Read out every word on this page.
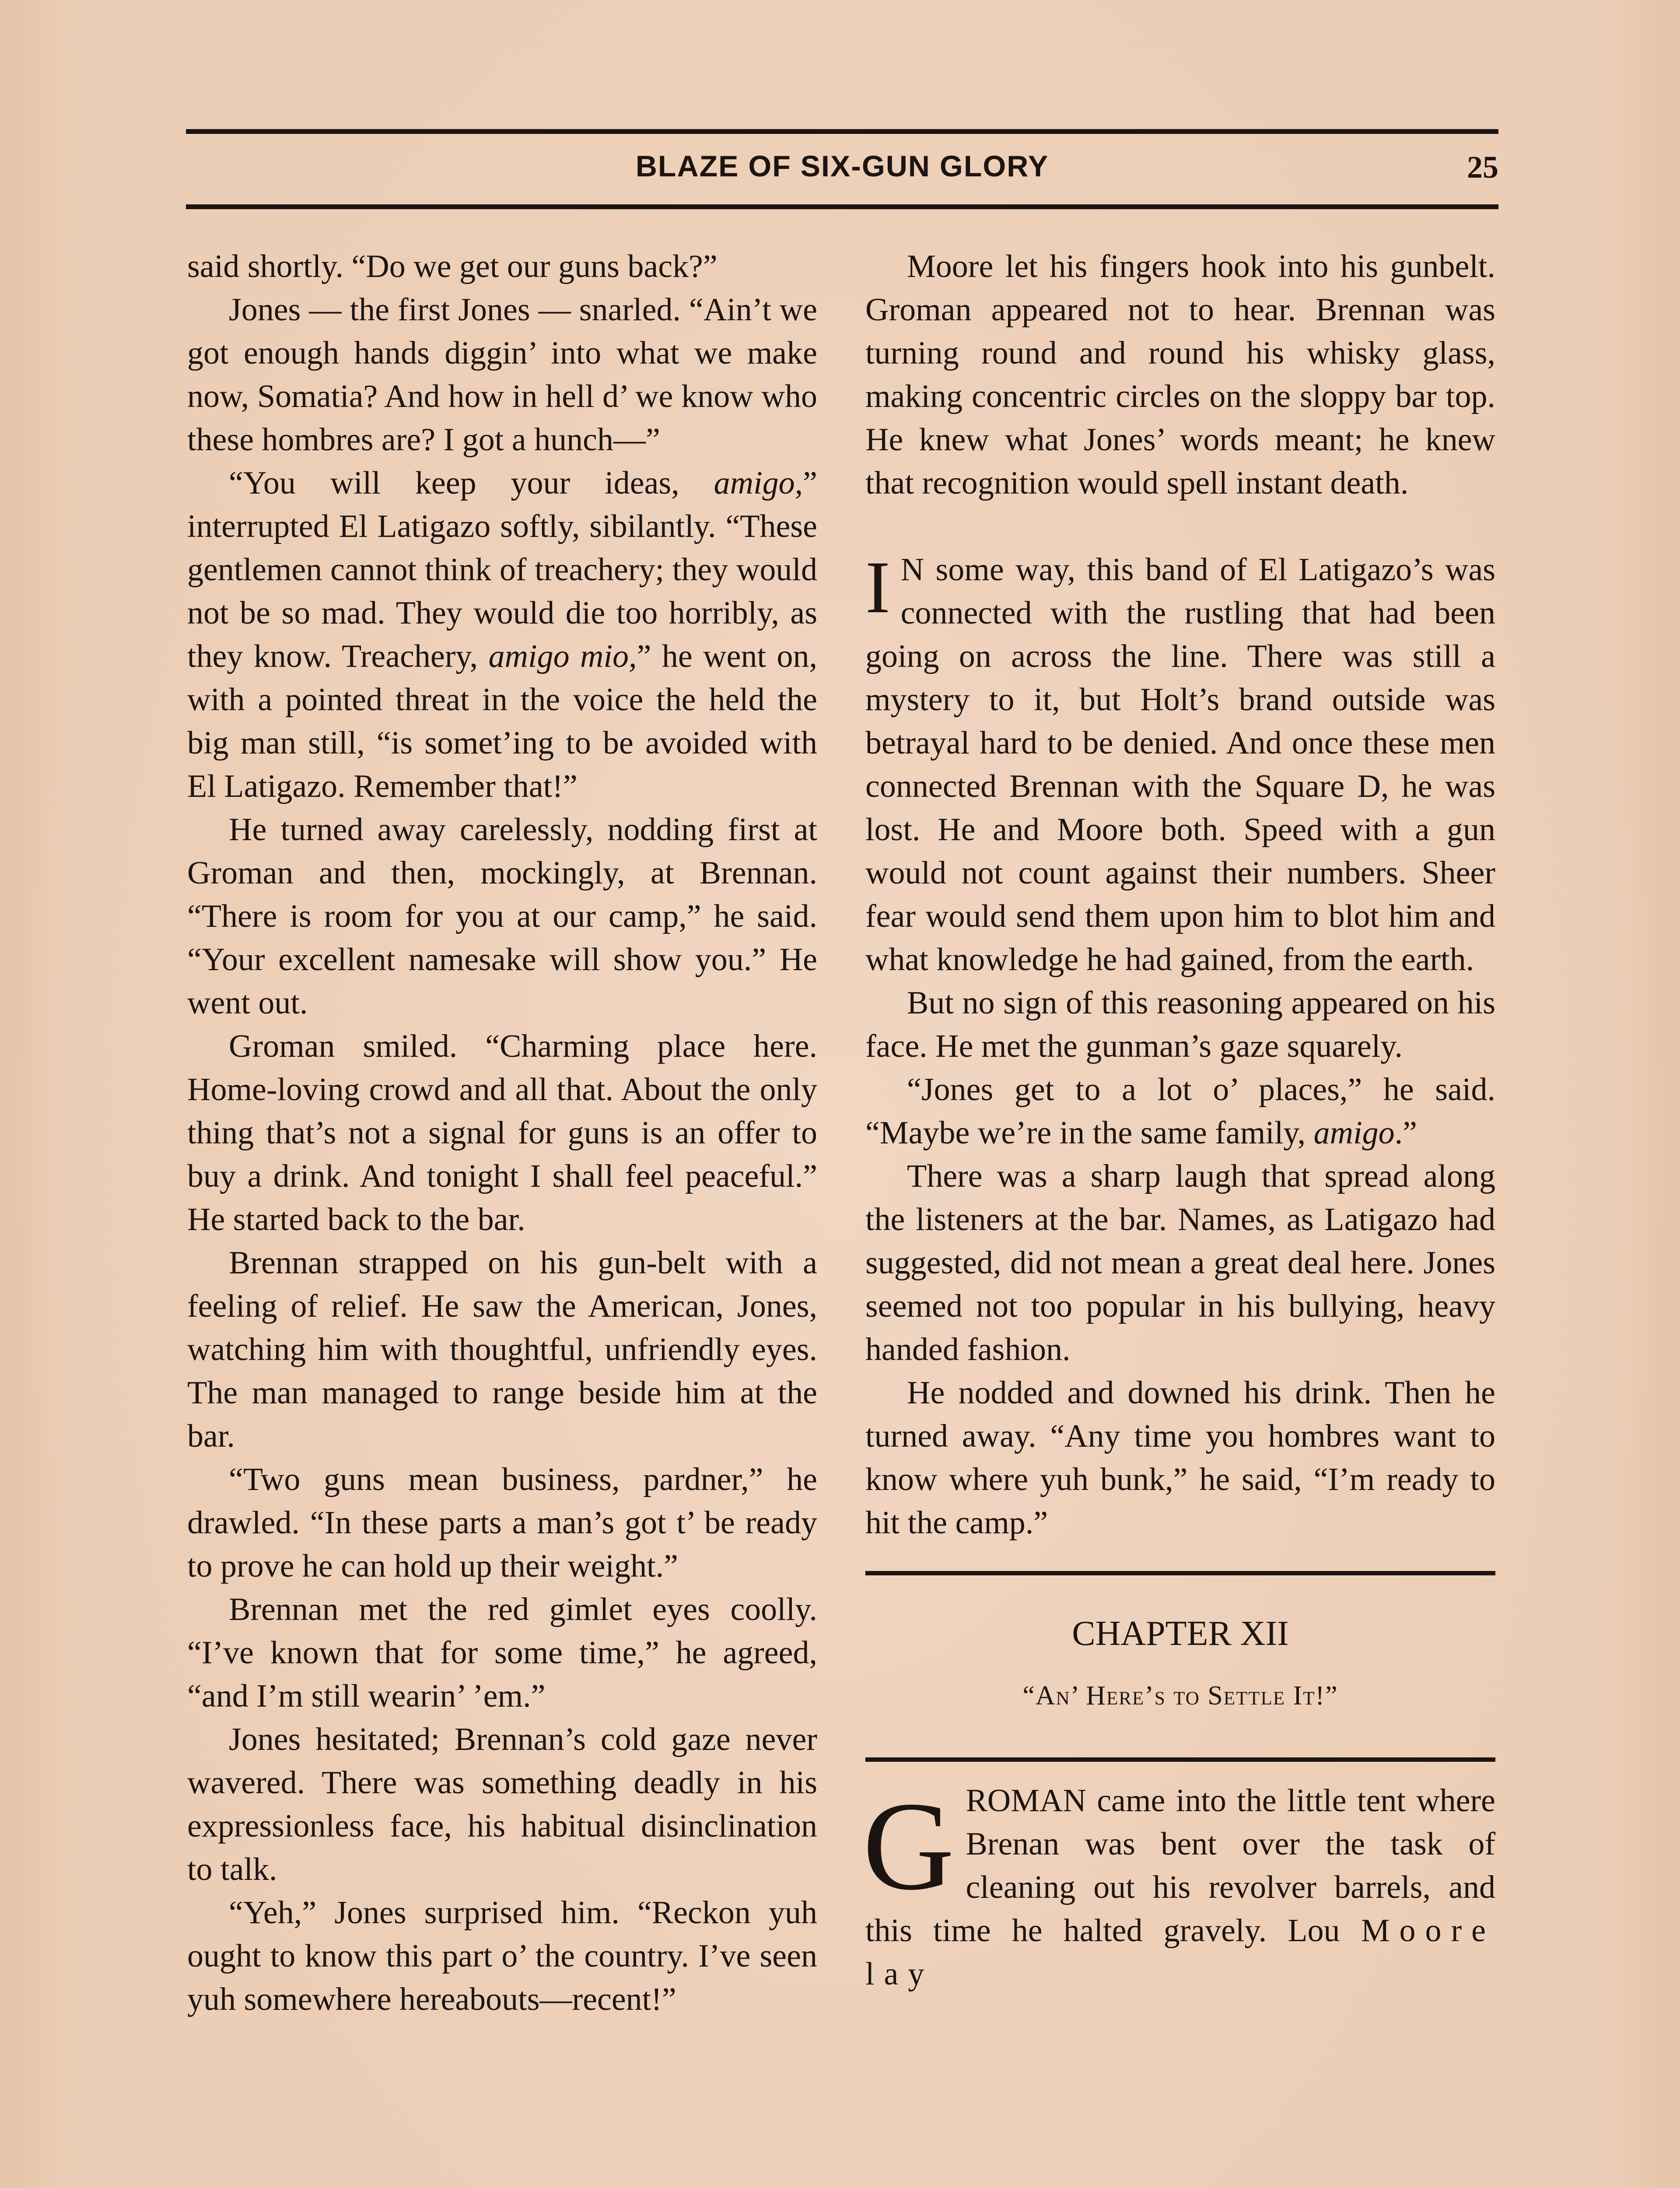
BLAZE OF SIX-GUN GLORY	25

said shortly. “Do we get our guns back?”

Jones — the first Jones — snarled. “Ain’t we got enough hands diggin’ into what we make now, Somatia? And how in hell d’ we know who these hombres are? I got a hunch—”

“You will keep your ideas, amigo,” interrupted El Latigazo softly, sibilantly. “These gentlemen cannot think of treachery; they would not be so mad. They would die too horribly, as they know. Treachery, amigo mio,” he went on, with a pointed threat in the voice the held the big man still, “is somet’ing to be avoided with El Latigazo. Remember that!”

He turned away carelessly, nodding first at Groman and then, mockingly, at Brennan. “There is room for you at our camp,” he said. “Your excellent namesake will show you.” He went out.

Groman smiled. “Charming place here. Home-loving crowd and all that. About the only thing that’s not a signal for guns is an offer to buy a drink. And tonight I shall feel peaceful.” He started back to the bar.

Brennan strapped on his gun-belt with a feeling of relief. He saw the American, Jones, watching him with thoughtful, unfriendly eyes. The man managed to range beside him at the bar.

“Two guns mean business, pardner,” he drawled. “In these parts a man’s got t’ be ready to prove he can hold up their weight.”

Brennan met the red gimlet eyes coolly. “I’ve known that for some time,” he agreed, “and I’m still wearin’ ’em.”

Jones hesitated; Brennan’s cold gaze never wavered. There was something deadly in his expressionless face, his habitual disinclination to talk.

“Yeh,” Jones surprised him. “Reckon yuh ought to know this part o’ the country. I’ve seen yuh somewhere hereabouts—recent!”

Moore let his fingers hook into his gunbelt. Groman appeared not to hear. Brennan was turning round and round his whisky glass, making concentric circles on the sloppy bar top. He knew what Jones’ words meant; he knew that recognition would spell instant death.

I N some way, this band of El Latigazo’s was connected with the rustling that had been going on across the line. There was still a mystery to it, but Holt’s brand outside was betrayal hard to be denied. And once these men connected Brennan with the Square D, he was lost. He and Moore both. Speed with a gun would not count against their numbers. Sheer fear would send them upon him to blot him and what knowledge he had gained, from the earth.

But no sign of this reasoning appeared on his face. He met the gunman’s gaze squarely.

“Jones get to a lot o’ places,” he said. “Maybe we’re in the same family, amigo.”

There was a sharp laugh that spread along the listeners at the bar. Names, as Latigazo had suggested, did not mean a great deal here. Jones seemed not too popular in his bullying, heavy handed fashion.

He nodded and downed his drink. Then he turned away. “Any time you hombres want to know where yuh bunk,” he said, “I’m ready to hit the camp.”

CHAPTER XII
“An’ Here’s to Settle It!”

GROMAN came into the little tent where Brenan was bent over the task of cleaning out his revolver barrels, and this time he halted gravely. Lou Moore lay
